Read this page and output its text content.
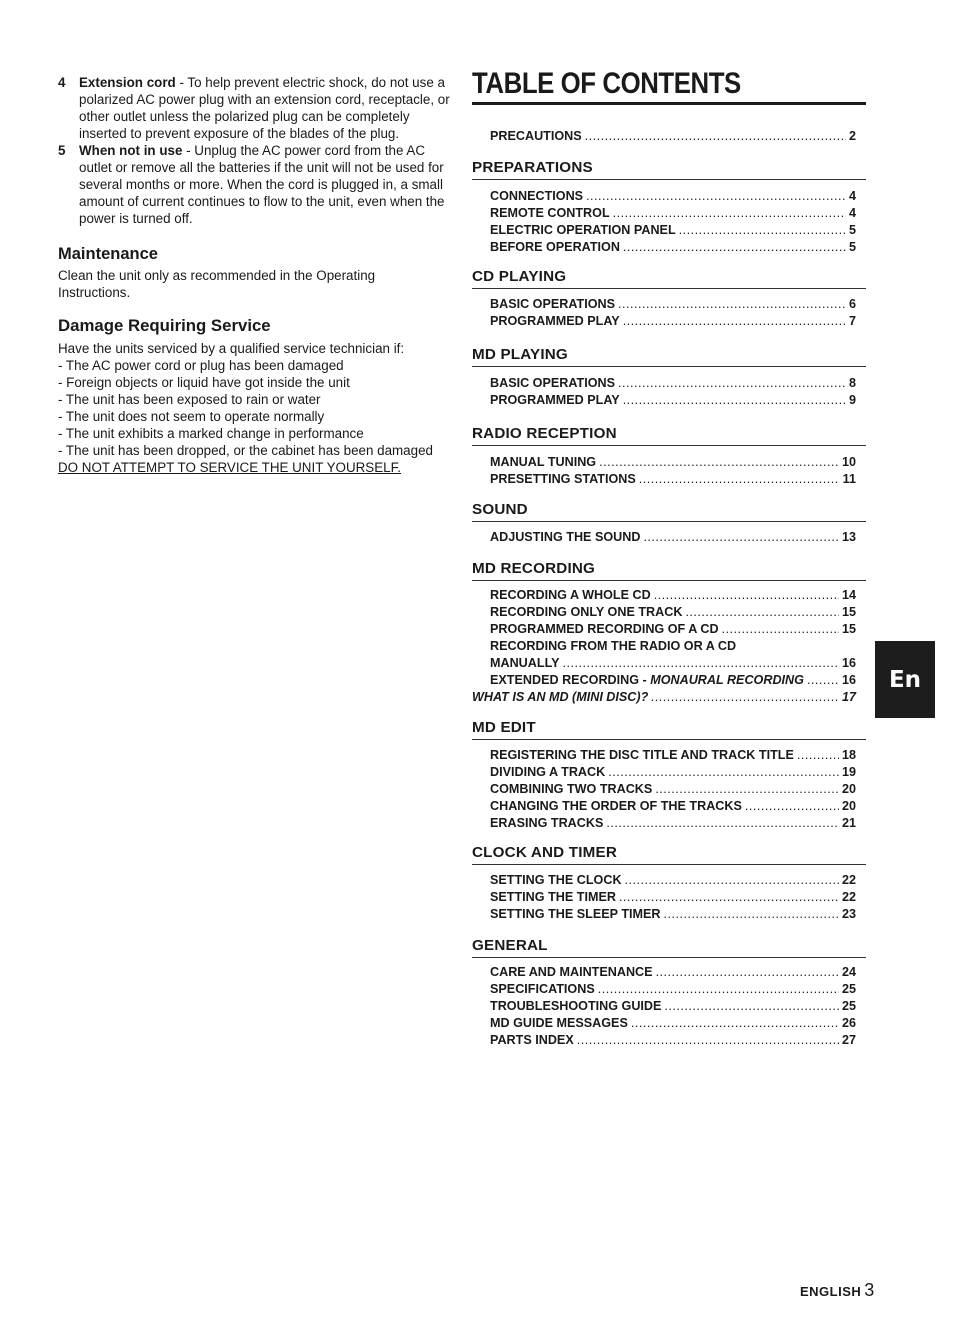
4	Extension cord - To help prevent electric shock, do not use a polarized AC power plug with an extension cord, receptacle, or other outlet unless the polarized plug can be completely inserted to prevent exposure of the blades of the plug.
5	When not in use - Unplug the AC power cord from the AC outlet or remove all the batteries if the unit will not be used for several months or more. When the cord is plugged in, a small amount of current continues to flow to the unit, even when the power is turned off.
Maintenance

Clean the unit only as recommended in the Operating Instructions.

Damage Requiring Service

Have the units serviced by a qualified service technician if:

- The AC power cord or plug has been damaged
- Foreign objects or liquid have got inside the unit
- The unit has been exposed to rain or water
- The unit does not seem to operate normally
- The unit exhibits a marked change in performance
- The unit has been dropped, or the cabinet has been damaged

DO NOT ATTEMPT TO SERVICE THE UNIT YOURSELF.

TABLE OF CONTENTS
PRECAUTIONS .....	2
PREPARATIONS
CONNECTIONS .....	4
REMOTE CONTROL .....	4
ELECTRIC OPERATION PANEL .....	5
BEFORE OPERATION .....	5
CD PLAYING
BASIC OPERATIONS .....	6
PROGRAMMED PLAY .....	7
MD PLAYING
BASIC OPERATIONS .....	8
PROGRAMMED PLAY .....	9
RADIO RECEPTION
MANUAL TUNING .....	10
PRESETTING STATIONS .....	11
SOUND
ADJUSTING THE SOUND .....	13
MD RECORDING
RECORDING A WHOLE CD .....	14
RECORDING ONLY ONE TRACK .....	15
PROGRAMMED RECORDING OF A CD .....	15
RECORDING FROM THE RADIO OR A CD
MANUALLY .....	16
EXTENDED RECORDING - MONAURAL RECORDING .....	16
WHAT IS AN MD (MINI DISC)? .....	17
MD EDIT
REGISTERING THE DISC TITLE AND TRACK TITLE .....	18
DIVIDING A TRACK .....	19
COMBINING TWO TRACKS .....	20
CHANGING THE ORDER OF THE TRACKS .....	20
ERASING TRACKS .....	21
CLOCK AND TIMER
SETTING THE CLOCK .....	22
SETTING THE TIMER .....	22
SETTING THE SLEEP TIMER .....	23
GENERAL
CARE AND MAINTENANCE .....	24
SPECIFICATIONS .....	25
TROUBLESHOOTING GUIDE .....	25
MD GUIDE MESSAGES .....	26
PARTS INDEX .....	27
En
ENGLISH 3
